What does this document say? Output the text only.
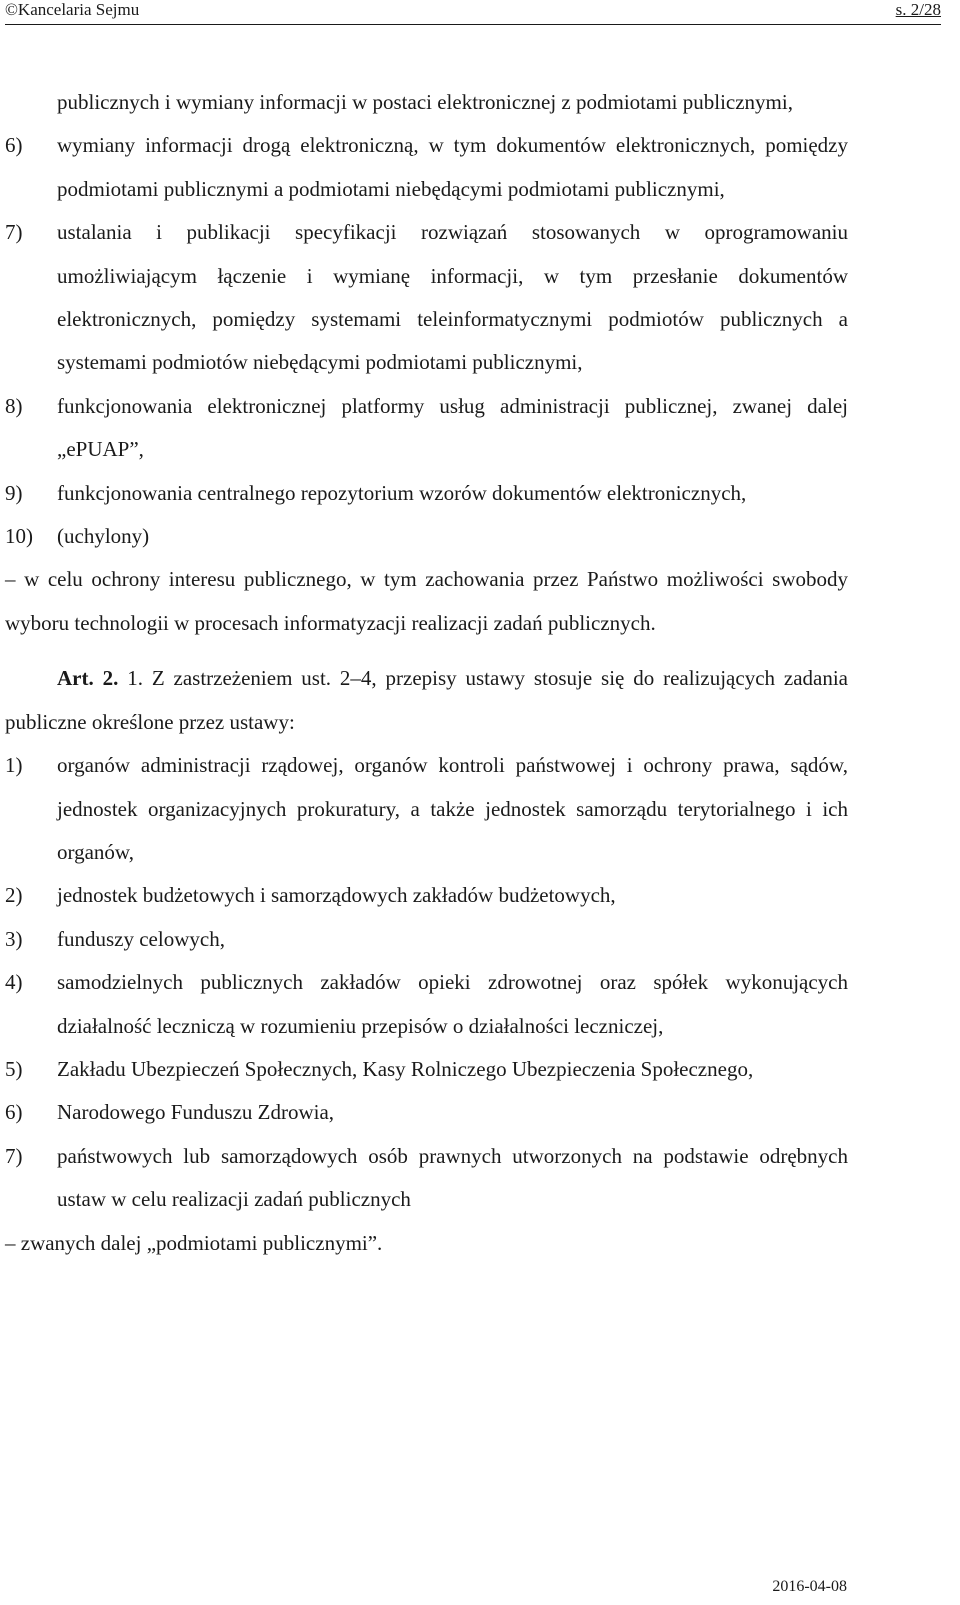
©Kancelaria Sejmu	s. 2/28
publicznych i wymiany informacji w postaci elektronicznej z podmiotami publicznymi,
6) wymiany informacji drogą elektroniczną, w tym dokumentów elektronicznych, pomiędzy podmiotami publicznymi a podmiotami niebędącymi podmiotami publicznymi,
7) ustalania i publikacji specyfikacji rozwiązań stosowanych w oprogramowaniu umożliwiającym łączenie i wymianę informacji, w tym przesłanie dokumentów elektronicznych, pomiędzy systemami teleinformatycznymi podmiotów publicznych a systemami podmiotów niebędącymi podmiotami publicznymi,
8) funkcjonowania elektronicznej platformy usług administracji publicznej, zwanej dalej „ePUAP”,
9) funkcjonowania centralnego repozytorium wzorów dokumentów elektronicznych,
10) (uchylony)
– w celu ochrony interesu publicznego, w tym zachowania przez Państwo możliwości swobody wyboru technologii w procesach informatyzacji realizacji zadań publicznych.
Art. 2. 1. Z zastrzeżeniem ust. 2–4, przepisy ustawy stosuje się do realizujących zadania publiczne określone przez ustawy:
1) organów administracji rządowej, organów kontroli państwowej i ochrony prawa, sądów, jednostek organizacyjnych prokuratury, a także jednostek samorządu terytorialnego i ich organów,
2) jednostek budżetowych i samorządowych zakładów budżetowych,
3) funduszy celowych,
4) samodzielnych publicznych zakładów opieki zdrowotnej oraz spółek wykonujących działalność leczniczą w rozumieniu przepisów o działalności leczniczej,
5) Zakładu Ubezpieczeń Społecznych, Kasy Rolniczego Ubezpieczenia Społecznego,
6) Narodowego Funduszu Zdrowia,
7) państwowych lub samorządowych osób prawnych utworzonych na podstawie odrębnych ustaw w celu realizacji zadań publicznych
– zwanych dalej „podmiotami publicznymi”.
2016-04-08
